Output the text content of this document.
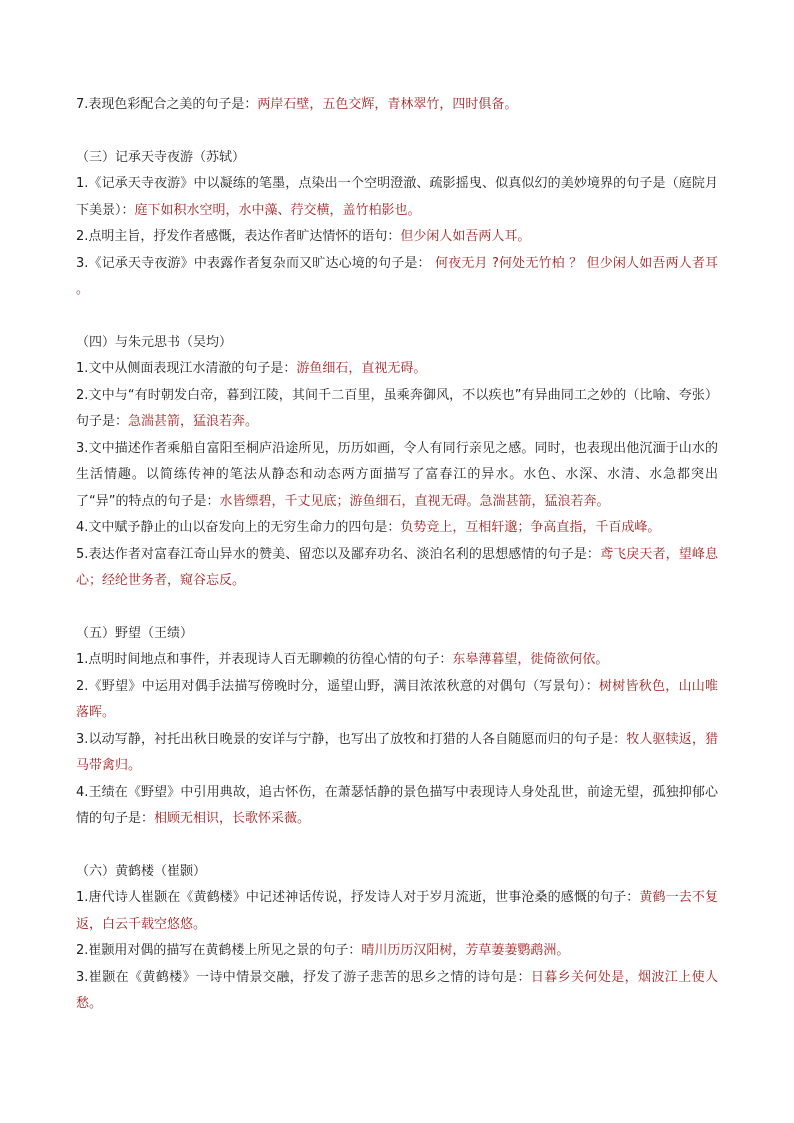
7.表现色彩配合之美的句子是：两岸石壁，五色交辉，青林翠竹，四时俱备。

（三）记承天寺夜游（苏轼）

1.《记承天寺夜游》中以凝练的笔墨，点染出一个空明澄澈、疏影摇曳、似真似幻的美妙境界的句子是（庭院月下美景）：庭下如积水空明，水中藻、荇交横，盖竹柏影也。

2.点明主旨，抒发作者感慨，表达作者旷达情怀的语句：但少闲人如吾两人耳。

3.《记承天寺夜游》中表露作者复杂而又旷达心境的句子是： 何夜无月 ?何处无竹柏 ？ 但少闲人如吾两人者耳 。

（四）与朱元思书（吴均）

1.文中从侧面表现江水清澈的句子是：游鱼细石，直视无碍。

2.文中与“有时朝发白帝，暮到江陵，其间千二百里，虽乘奔御风，不以疾也”有异曲同工之妙的（比喻、夸张）句子是：急湍甚箭，猛浪若奔。

3.文中描述作者乘船自富阳至桐庐沿途所见，历历如画，令人有同行亲见之感。同时，也表现出他沉湎于山水的生活情趣。以简练传神的笔法从静态和动态两方面描写了富春江的异水。水色、水深、水清、水急都突出了“异”的特点的句子是：水皆缥碧，千丈见底；游鱼细石，直视无碍。急湍甚箭，猛浪若奔。

4.文中赋予静止的山以奋发向上的无穷生命力的四句是：负势竞上，互相轩邈；争高直指，千百成峰。

5.表达作者对富春江奇山异水的赞美、留恋以及鄙弃功名、淡泊名利的思想感情的句子是：鸢飞戾天者，望峰息心；经纶世务者，窥谷忘反。

（五）野望（王绩）

1.点明时间地点和事件，并表现诗人百无聊赖的彷徨心情的句子：东皋薄暮望，徙倚欲何依。

2.《野望》中运用对偶手法描写傍晚时分，遥望山野，满目浓浓秋意的对偶句（写景句）：树树皆秋色，山山唯落晖。

3.以动写静，衬托出秋日晚景的安详与宁静，也写出了放牧和打猎的人各自随愿而归的句子是：牧人驱犊返，猎马带禽归。

4.王绩在《野望》中引用典故，追古怀伤，在萧瑟恬静的景色描写中表现诗人身处乱世，前途无望，孤独抑郁心情的句子是：相顾无相识，长歌怀采薇。

（六）黄鹤楼（崔颢）

1.唐代诗人崔颢在《黄鹤楼》中记述神话传说，抒发诗人对于岁月流逝，世事沧桑的感慨的句子：黄鹤一去不复返，白云千载空悠悠。

2.崔颢用对偶的描写在黄鹤楼上所见之景的句子：晴川历历汉阳树，芳草萋萋鹦鹉洲。

3.崔颢在《黄鹤楼》一诗中情景交融，抒发了游子悲苦的思乡之情的诗句是：日暮乡关何处是，烟波江上使人愁。
